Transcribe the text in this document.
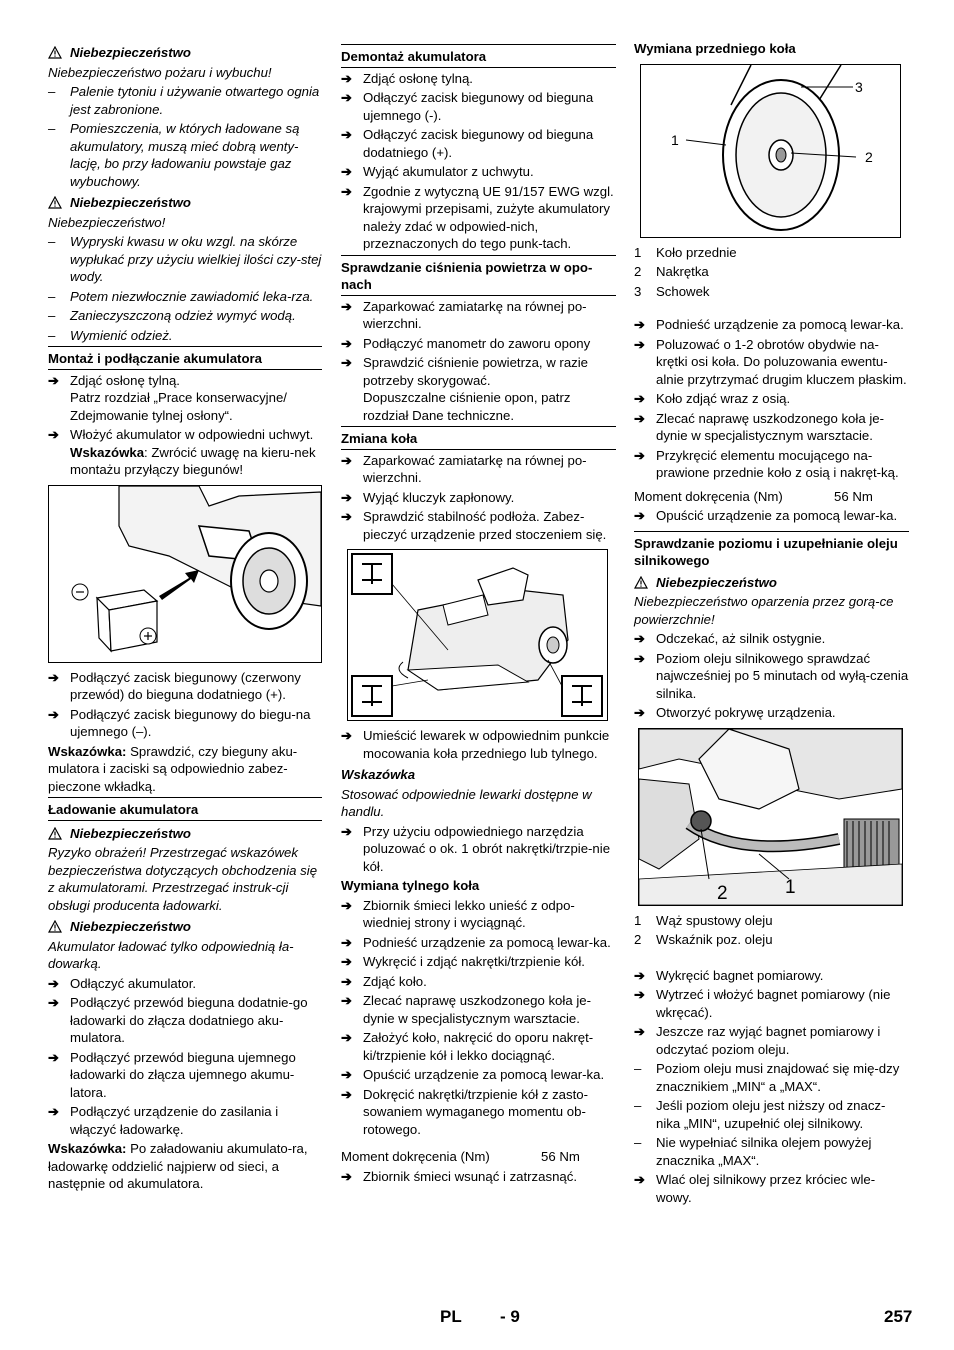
Niebezpieczeństwo
Niebezpieczeństwo pożaru i wybuchu!
– Palenie tytoniu i używanie otwartego ognia jest zabronione.
– Pomieszczenia, w których ładowane są akumulatory, muszą mieć dobrą wenty-lację, bo przy ładowaniu powstaje gaz wybuchowy.
Niebezpieczeństwo
Niebezpieczeństwo!
– Wypryski kwasu w oku wzgl. na skórze wypłukać przy użyciu wielkiej ilości czy-stej wody.
– Potem niezwłocznie zawiadomić leka-rza.
– Zanieczyszczoną odzież wymyć wodą.
– Wymienić odzież.
Montaż i podłączanie akumulatora
➔ Zdjąć osłonę tylną.
Patrz rozdział „Prace konserwacyjne/ Zdejmowanie tylnej osłony“.
➔ Włożyć akumulator w odpowiedni uchwyt.
Wskazówka: Zwrócić uwagę na kieru-nek montażu przyłączy biegunów!
➔ Podłączyć zacisk biegunowy (czerwony przewód) do bieguna dodatniego (+).
➔ Podłączyć zacisk biegunowy do biegu-na ujemnego (–).
Wskazówka: Sprawdzić, czy bieguny aku-mulatora i zaciski są odpowiednio zabez-pieczone wkładką.
Ładowanie akumulatora
Niebezpieczeństwo
Ryzyko obrażeń! Przestrzegać wskazówek bezpieczeństwa dotyczących obchodzenia się z akumulatorami. Przestrzegać instruk-cji obsługi producenta ładowarki.
Niebezpieczeństwo
Akumulator ładować tylko odpowiednią ła-dowarką.
➔ Odłączyć akumulator.
➔ Podłączyć przewód bieguna dodatnie-go ładowarki do złącza dodatniego aku-mulatora.
➔ Podłączyć przewód bieguna ujemnego ładowarki do złącza ujemnego akumu-latora.
➔ Podłączyć urządzenie do zasilania i włączyć ładowarkę.
Wskazówka: Po załadowaniu akumulato-ra, ładowarkę oddzielić najpierw od sieci, a następnie od akumulatora.
Demontaż akumulatora
➔ Zdjąć osłonę tylną.
➔ Odłączyć zacisk biegunowy od bieguna ujemnego (-).
➔ Odłączyć zacisk biegunowy od bieguna dodatniego (+).
➔ Wyjąć akumulator z uchwytu.
➔ Zgodnie z wytyczną UE 91/157 EWG wzgl. krajowymi przepisami, zużyte akumulatory należy zdać w odpowied-nich, przeznaczonych do tego punk-tach.
Sprawdzanie ciśnienia powietrza w opo-nach
➔ Zaparkować zamiatarkę na równej po-wierzchni.
➔ Podłączyć manometr do zaworu opony
➔ Sprawdzić ciśnienie powietrza, w razie potrzeby skorygować.
Dopuszczalne ciśnienie opon, patrz rozdział Dane techniczne.
Zmiana koła
➔ Zaparkować zamiatarkę na równej po-wierzchni.
➔ Wyjąć kluczyk zapłonowy.
➔ Sprawdzić stabilność podłoża. Zabez-pieczyć urządzenie przed stoczeniem się.
➔ Umieścić lewarek w odpowiednim punkcie mocowania koła przedniego lub tylnego.
Wskazówka
Stosować odpowiednie lewarki dostępne w handlu.
➔ Przy użyciu odpowiedniego narzędzia poluzować o ok. 1 obrót nakrętki/trzpie-nie kół.
Wymiana tylnego koła
➔ Zbiornik śmieci lekko unieść z odpo-wiedniej strony i wyciągnąć.
➔ Podnieść urządzenie za pomocą lewar-ka.
➔ Wykręcić i zdjąć nakrętki/trzpienie kół.
➔ Zdjąć koło.
➔ Zlecać naprawę uszkodzonego koła je-dynie w specjalistycznym warsztacie.
➔ Założyć koło, nakręcić do oporu nakręt-ki/trzpienie kół i lekko dociągnąć.
➔ Opuścić urządzenie za pomocą lewar-ka.
➔ Dokręcić nakrętki/trzpienie kół z zasto-sowaniem wymaganego momentu ob-rotowego.
Moment dokręcenia (Nm)	56 Nm
➔ Zbiornik śmieci wsunąć i zatrzasnąć.
Wymiana przedniego koła
1
2
3
1	Koło przednie
2	Nakrętka
3	Schowek
➔ Podnieść urządzenie za pomocą lewar-ka.
➔ Poluzować o 1-2 obrotów obydwie na-krętki osi koła. Do poluzowania ewentu-alnie przytrzymać drugim kluczem płaskim.
➔ Koło zdjąć wraz z osią.
➔ Zlecać naprawę uszkodzonego koła je-dynie w specjalistycznym warsztacie.
➔ Przykręcić elementu mocującego na-prawione przednie koło z osią i nakręt-ką.
Moment dokręcenia (Nm)	56 Nm
➔ Opuścić urządzenie za pomocą lewar-ka.
Sprawdzanie poziomu i uzupełnianie oleju silnikowego
Niebezpieczeństwo
Niebezpieczeństwo oparzenia przez gorą-ce powierzchnie!
➔ Odczekać, aż silnik ostygnie.
➔ Poziom oleju silnikowego sprawdzać najwcześniej po 5 minutach od wyłą-czenia silnika.
➔ Otworzyć pokrywę urządzenia.
2	1
1	Wąż spustowy oleju
2	Wskaźnik poz. oleju
➔ Wykręcić bagnet pomiarowy.
➔ Wytrzeć i włożyć bagnet pomiarowy (nie wkręcać).
➔ Jeszcze raz wyjąć bagnet pomiarowy i odczytać poziom oleju.
– Poziom oleju musi znajdować się mię-dzy znacznikiem „MIN“ a „MAX“.
– Jeśli poziom oleju jest niższy od znacz-nika „MIN“, uzupełnić olej silnikowy.
– Nie wypełniać silnika olejem powyżej znacznika „MAX“.
➔ Wlać olej silnikowy przez króciec wle-wowy.
PL - 9	257
